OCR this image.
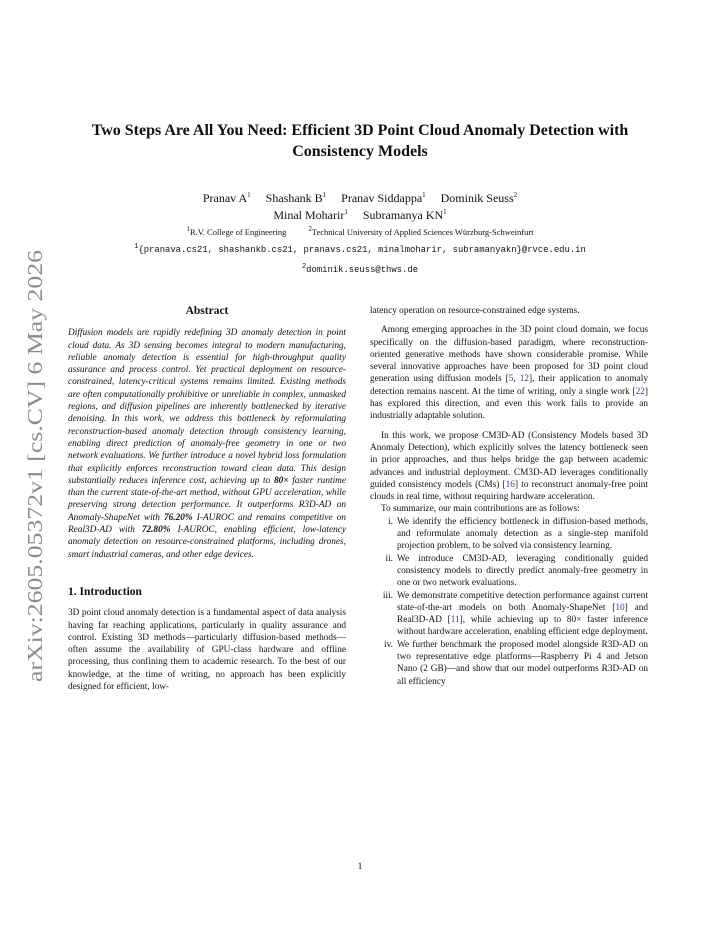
arXiv:2605.05372v1 [cs.CV] 6 May 2026
Two Steps Are All You Need: Efficient 3D Point Cloud Anomaly Detection with Consistency Models
Pranav $A^1$ Shashank $B^1$ Pranav Siddappa$^1$ Dominik Seuss$^2$
Minal Moharir$^1$ Subramanya $KN^1$
$^1$R.V. College of Engineering	$^2$Technical University of Applied Sciences Würzburg-Schweinfurt
$^1${pranava.cs21, shashankb.cs21, pranavs.cs21, minalmoharir, subramanyakn}@rvce.edu.in
$^2$dominik.seuss@thws.de
Abstract

Diffusion models are rapidly redefining 3D anomaly detection in point cloud data. As 3D sensing becomes integral to modern manufacturing, reliable anomaly detection is essential for high-throughput quality assurance and process control. Yet practical deployment on resource-constrained, latency-critical systems remains limited. Existing methods are often computationally prohibitive or unreliable in complex, unmasked regions, and diffusion pipelines are inherently bottlenecked by iterative denoising. In this work, we address this bottleneck by reformulating reconstruction-based anomaly detection through consistency learning, enabling direct prediction of anomaly-free geometry in one or two network evaluations. We further introduce a novel hybrid loss formulation that explicitly enforces reconstruction toward clean data. This design substantially reduces inference cost, achieving up to 80× faster runtime than the current state-of-the-art method, without GPU acceleration, while preserving strong detection performance. It outperforms R3D-AD on Anomaly-ShapeNet with 76.20% I-AUROC and remains competitive on Real3D-AD with 72.80% I-AUROC, enabling efficient, low-latency anomaly detection on resource-constrained platforms, including drones, smart industrial cameras, and other edge devices.

1. Introduction

3D point cloud anomaly detection is a fundamental aspect of data analysis having far reaching applications, particularly in quality assurance and control. Existing 3D methods—particularly diffusion-based methods—often assume the availability of GPU-class hardware and offline processing, thus confining them to academic research. To the best of our knowledge, at the time of writing, no approach has been explicitly designed for efficient, low-

latency operation on resource-constrained edge systems.

Among emerging approaches in the 3D point cloud domain, we focus specifically on the diffusion-based paradigm, where reconstruction-oriented generative methods have shown considerable promise. While several innovative approaches have been proposed for 3D point cloud generation using diffusion models [5, 12], their application to anomaly detection remains nascent. At the time of writing, only a single work [22] has explored this direction, and even this work fails to provide an industrially adaptable solution.

In this work, we propose CM3D-AD (Consistency Models based 3D Anomaly Detection), which explicitly solves the latency bottleneck seen in prior approaches, and thus helps bridge the gap between academic advances and industrial deployment. CM3D-AD leverages conditionally guided consistency models (CMs) [16] to reconstruct anomaly-free point clouds in real time, without requiring hardware acceleration.

To summarize, our main contributions are as follows:

i. We identify the efficiency bottleneck in diffusion-based methods, and reformulate anomaly detection as a single-step manifold projection problem, to be solved via consistency learning.
ii. We introduce CM3D-AD, leveraging conditionally guided consistency models to directly predict anomaly-free geometry in one or two network evaluations.
iii. We demonstrate competitive detection performance against current state-of-the-art models on both Anomaly-ShapeNet [10] and Real3D-AD [11], while achieving up to 80× faster inference without hardware acceleration, enabling efficient edge deployment.
iv. We further benchmark the proposed model alongside R3D-AD on two representative edge platforms—Raspberry Pi 4 and Jetson Nano (2 GB)—and show that our model outperforms R3D-AD on all efficiency
1
